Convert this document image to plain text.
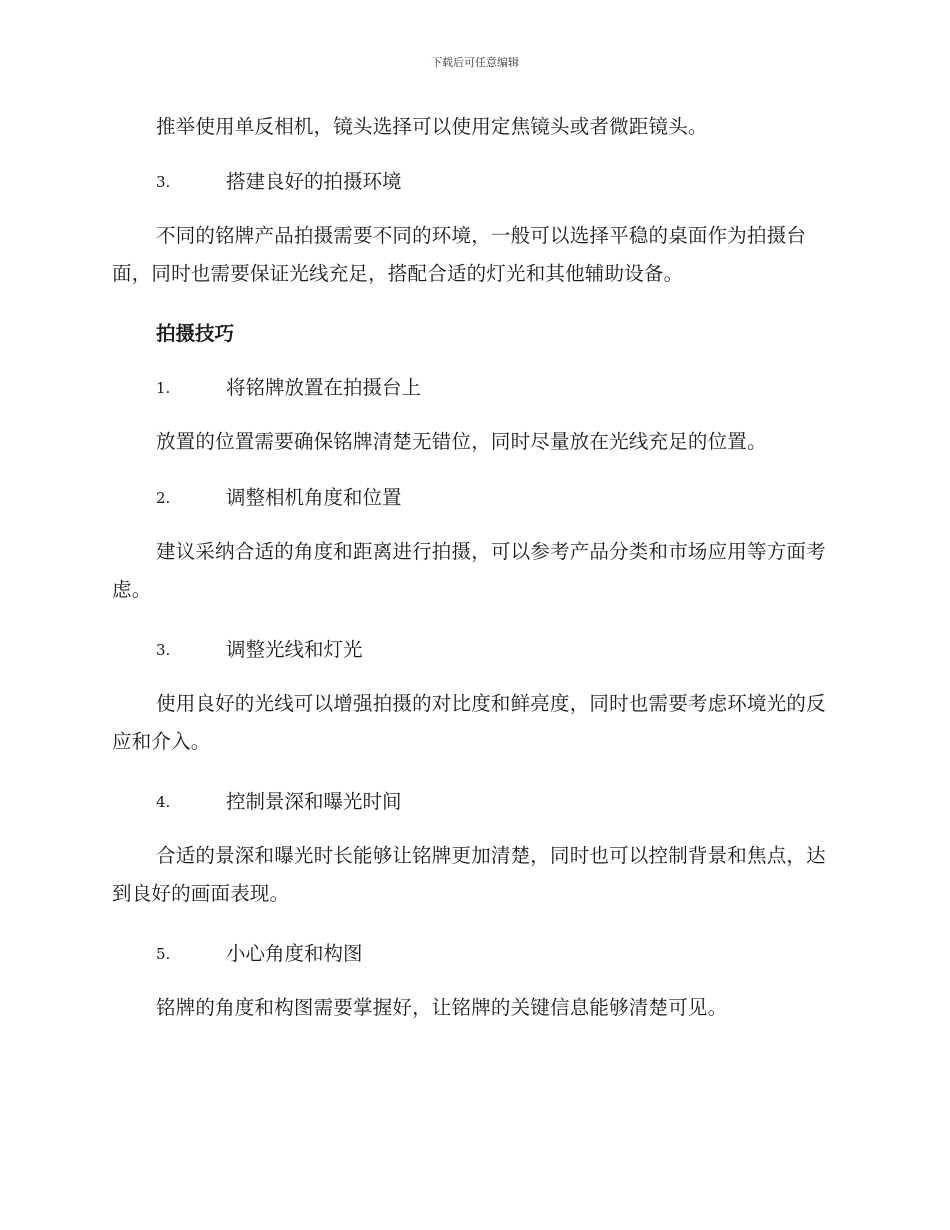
下载后可任意编辑

推举使用单反相机，镜头选择可以使用定焦镜头或者微距镜头。

3.	搭建良好的拍摄环境

不同的铭牌产品拍摄需要不同的环境，一般可以选择平稳的桌面作为拍摄台面，同时也需要保证光线充足，搭配合适的灯光和其他辅助设备。

拍摄技巧

1.	将铭牌放置在拍摄台上

放置的位置需要确保铭牌清楚无错位，同时尽量放在光线充足的位置。

2.	调整相机角度和位置

建议采纳合适的角度和距离进行拍摄，可以参考产品分类和市场应用等方面考虑。

3.	调整光线和灯光

使用良好的光线可以增强拍摄的对比度和鲜亮度，同时也需要考虑环境光的反应和介入。

4.	控制景深和曝光时间

合适的景深和曝光时长能够让铭牌更加清楚，同时也可以控制背景和焦点，达到良好的画面表现。

5.	小心角度和构图

铭牌的角度和构图需要掌握好，让铭牌的关键信息能够清楚可见。
